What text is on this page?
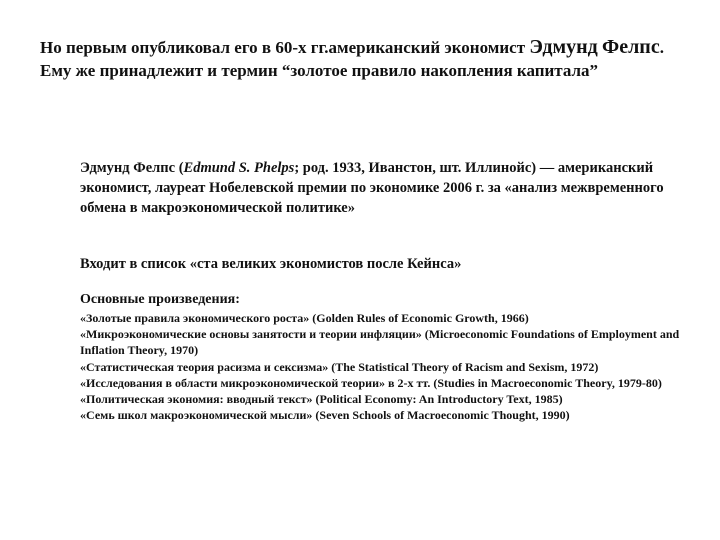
Но первым опубликовал его в 60-х гг.американский экономист Эдмунд Фелпс. Ему же принадлежит и термин “золотое правило накопления капитала”

Эдмунд Фелпс (Edmund S. Phelps; род. 1933, Иванстон, шт. Иллинойс) — американский экономист, лауреат Нобелевской премии по экономике 2006 г. за «анализ межвременного обмена в макроэкономической политике»

Входит в список «ста великих экономистов после Кейнса»

Основные произведения:

«Золотые правила экономического роста» (Golden Rules of Economic Growth, 1966)
«Микроэкономические основы занятости и теории инфляции» (Microeconomic Foundations of Employment and Inflation Theory, 1970)
«Статистическая теория расизма и сексизма» (The Statistical Theory of Racism and Sexism, 1972)
«Исследования в области микроэкономической теории» в 2-х тт. (Studies in Macroeconomic Theory, 1979-80)
«Политическая экономия: вводный текст» (Political Economy: An Introductory Text, 1985)
«Семь школ макроэкономической мысли» (Seven Schools of Macroeconomic Thought, 1990)
